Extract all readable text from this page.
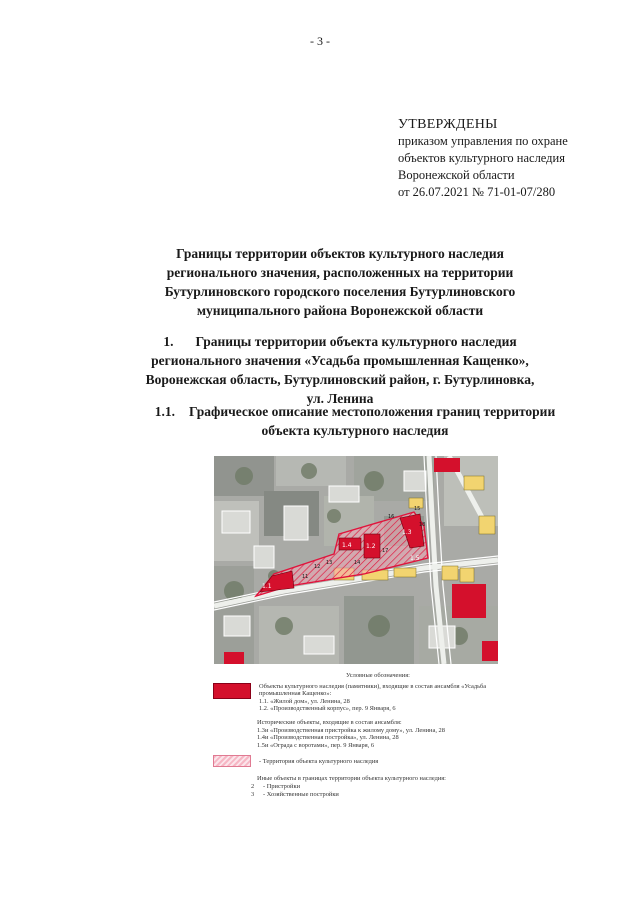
- 3 -
УТВЕРЖДЕНЫ
приказом управления по охране
объектов культурного наследия
Воронежской области
от 26.07.2021 № 71-01-07/280
Границы территории объектов культурного наследия
регионального значения, расположенных на территории
Бутурлиновского городского поселения Бутурлиновского
муниципального района Воронежской области
1. Границы территории объекта культурного наследия
регионального значения «Усадьба промышленная Кащенко»,
Воронежская область, Бутурлиновский район, г. Бутурлиновка,
ул. Ленина
1.1. Графическое описание местоположения границ территории
объекта культурного наследия
1.1
1.2
1.3
1.4
1.5
16
15
11
12
13	14
17
18
Условные обозначения:
Объекты культурного наследия (памятники), входящие в состав ансамбля «Усадьба промышленная Кащенко»:
1.1. «Жилой дом», ул. Ленина, 28
1.2. «Производственный корпус», пер. 9 Января, 6
Исторические объекты, входящие в состав ансамбля:
1.3и «Производственная пристройка к жилому дому», ул. Ленина, 28
1.4и «Производственная постройка», ул. Ленина, 28
1.5и «Ограда с воротами», пер. 9 Января, 6
- Территория объекта культурного наследия
Иные объекты в границах территории объекта культурного наследия:
2 - Пристройки
3 - Хозяйственные постройки
